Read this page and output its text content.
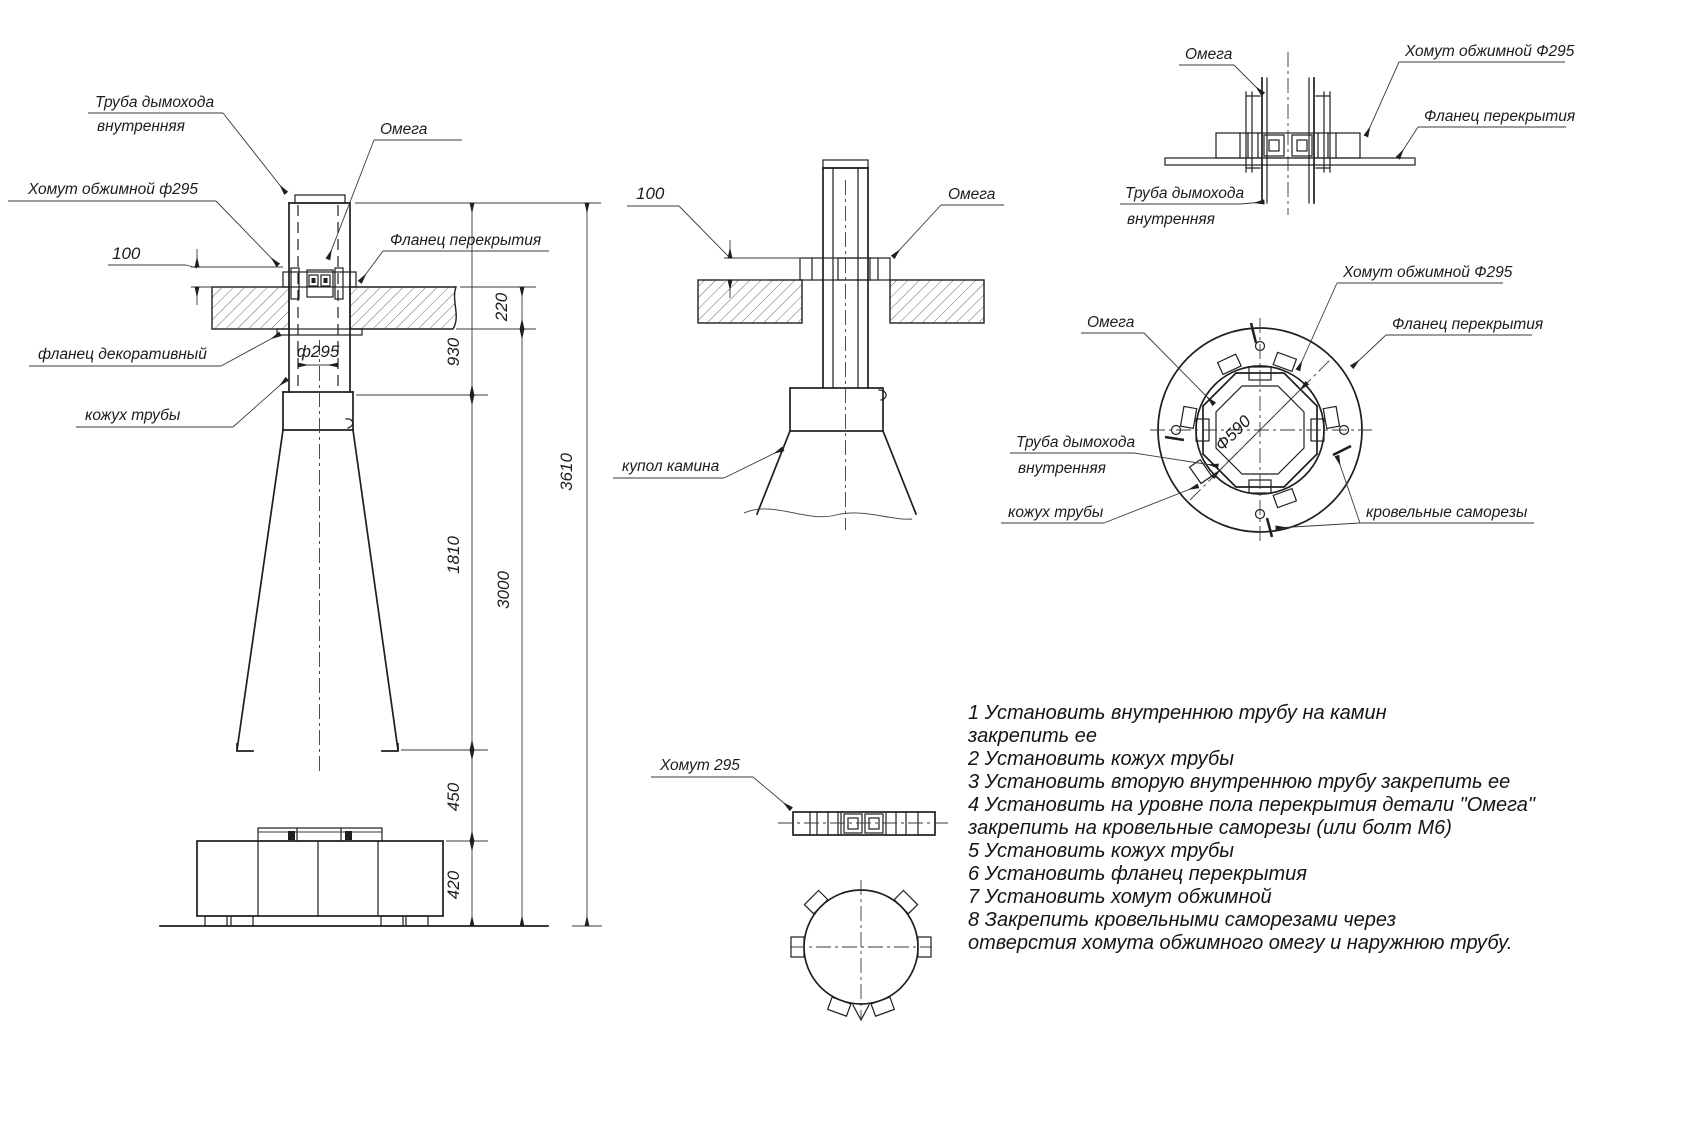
100
ф295
220
930
1810
3000
3610
450
420
Труба дымохода
внутренняя	Омега
Хомут обжимной ф295
Фланец перекрытия
фланец декоративный
кожух трубы
100	Омега
купол камина
Омега	Хомут обжимной Ф295
Фланец перекрытия
Труба дымохода
внутренняя
Ф590
Хомут обжимной Ф295
Омега	Фланец перекрытия
Труба дымохода
внутренняя
кожух трубы	кровельные саморезы
Хомут 295
1 Установить внутреннюю трубу на камин
закрепить ее
2 Установить кожух трубы
3 Установить вторую внутреннюю трубу закрепить ее
4 Установить на уровне пола перекрытия детали "Омега"
закрепить на кровельные саморезы (или болт М6)
5 Установить кожух трубы
6 Установить фланец перекрытия
7 Установить хомут обжимной
8 Закрепить кровельными саморезами через
отверстия хомута обжимного омегу и наружнюю трубу.
